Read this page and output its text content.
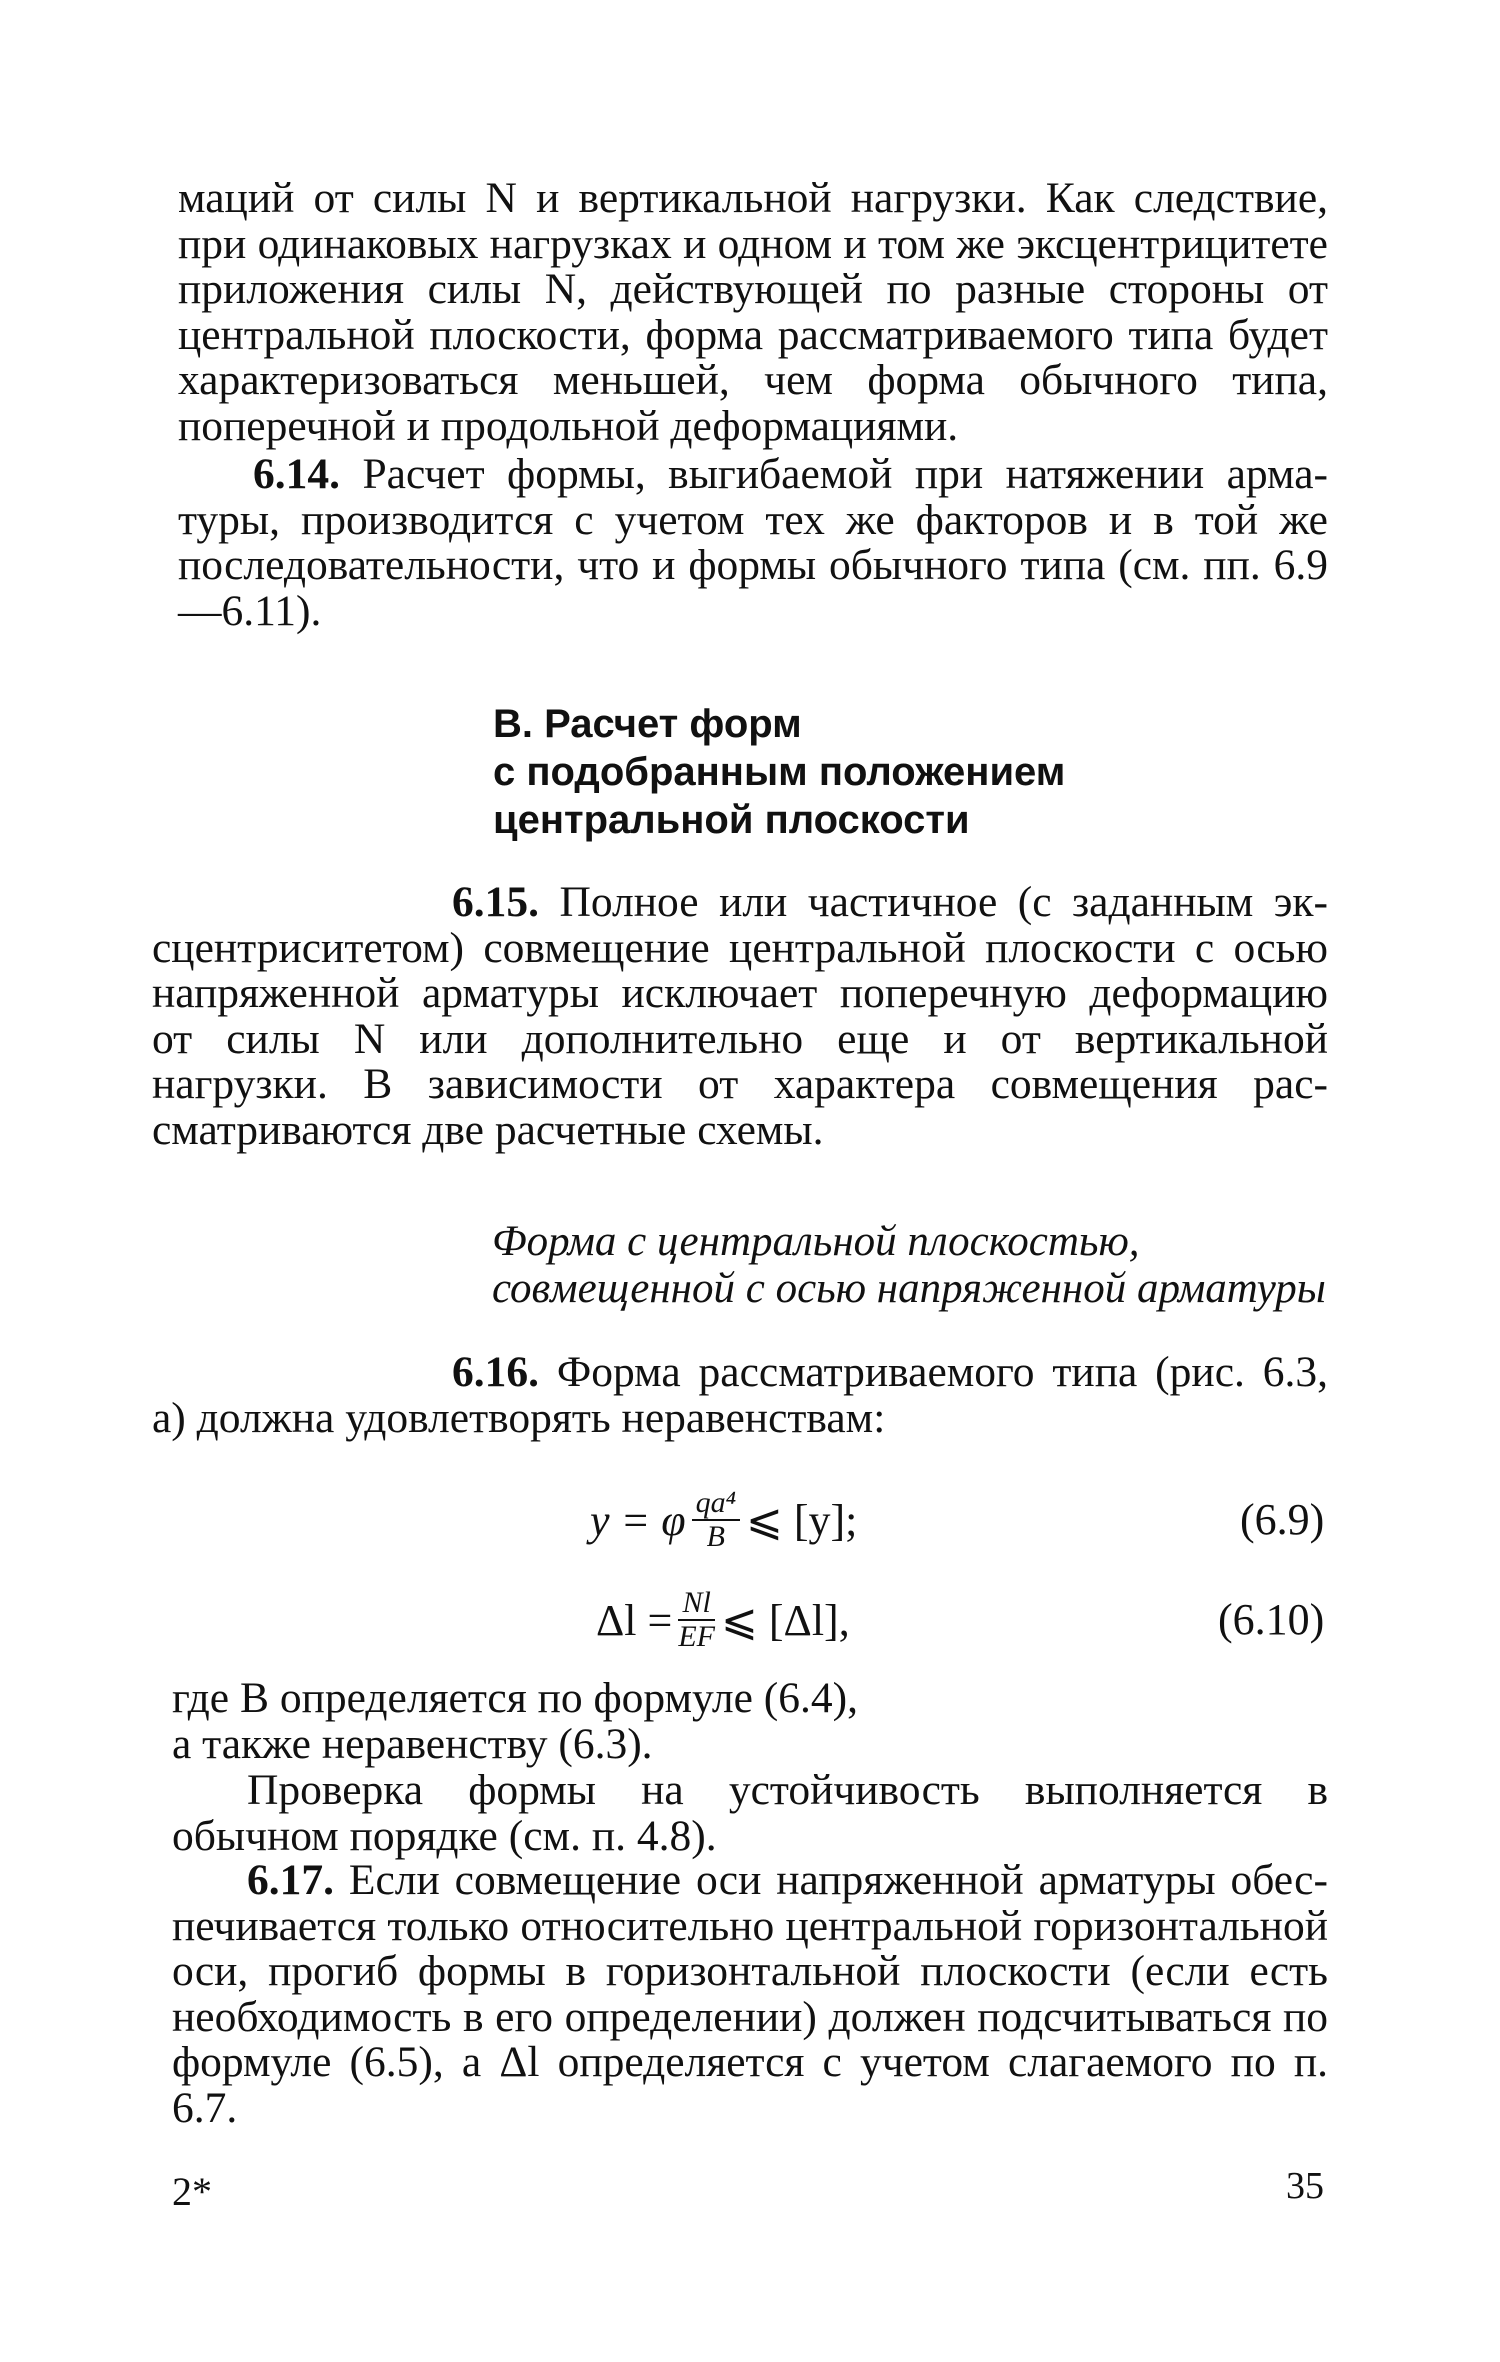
маций от силы N и вертикальной нагрузки. Как следствие, при одинаковых нагрузках и одном и том же эксцентрицитете приложения силы N, действующей по разные стороны от центральной плоскости, форма рассматриваемого типа будет характеризоваться меньшей, чем форма обычного типа, поперечной и продольной деформациями.

6.14. Расчет формы, выгибаемой при натяжении арматуры, производится с учетом тех же факторов и в той же последовательности, что и формы обычного типа (см. пп. 6.9—6.11).

В. Расчет форм
с подобранным положением
центральной плоскости

6.15. Полное или частичное (с заданным эксцентриситетом) совмещение центральной плоскости с осью напряженной арматуры исключает поперечную деформацию от силы N или дополнительно еще и от вертикальной нагрузки. В зависимости от характера совмещения рассматриваются две расчетные схемы.

Форма с центральной плоскостью,
совмещенной с осью напряженной арматуры

6.16. Форма рассматриваемого типа (рис. 6.3, а) должна удовлетворять неравенствам:

y = φ $\frac{\text{qa⁴}}{B}$ ⩽ [y];	(6.9)
$\Delta l = \frac{Nl}{EF}$ ⩽ [Δl],	(6.10)
где B определяется по формуле (6.4),
а также неравенству (6.3).

Проверка формы на устойчивость выполняется в обычном порядке (см. п. 4.8).

6.17. Если совмещение оси напряженной арматуры обеспечивается только относительно центральной горизонтальной оси, прогиб формы в горизонтальной плоскости (если есть необходимость в его определении) должен подсчитываться по формуле (6.5), а Δl определяется с учетом слагаемого по п. 6.7.

2*	35
